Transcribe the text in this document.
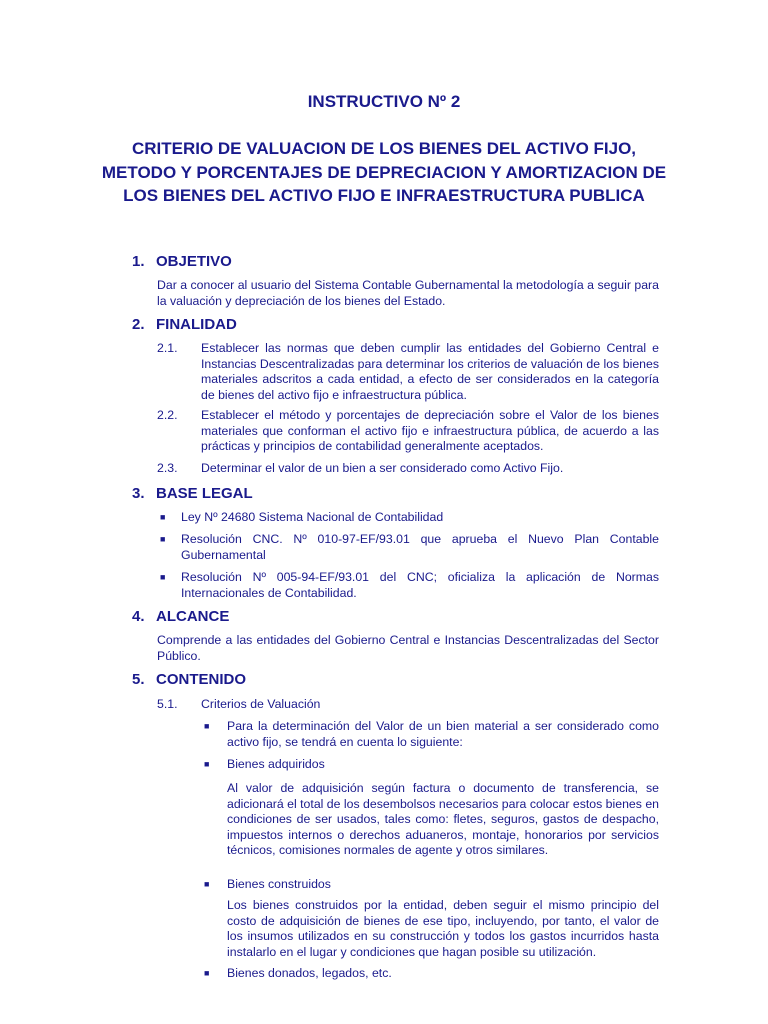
INSTRUCTIVO Nº 2
CRITERIO DE VALUACION DE LOS BIENES DEL ACTIVO FIJO, METODO Y PORCENTAJES DE DEPRECIACION Y AMORTIZACION DE LOS BIENES DEL ACTIVO FIJO E INFRAESTRUCTURA PUBLICA
1. OBJETIVO
Dar a conocer al usuario del Sistema Contable Gubernamental la metodología a seguir para la valuación y depreciación de los bienes del Estado.
2. FINALIDAD
2.1. Establecer las normas que deben cumplir las entidades del Gobierno Central e Instancias Descentralizadas para determinar los criterios de valuación de los bienes materiales adscritos a cada entidad, a efecto de ser considerados en la categoría de bienes del activo fijo e infraestructura pública.
2.2. Establecer el método y porcentajes de depreciación sobre el Valor de los bienes materiales que conforman el activo fijo e infraestructura pública, de acuerdo a las prácticas y principios de contabilidad generalmente aceptados.
2.3. Determinar el valor de un bien a ser considerado como Activo Fijo.
3. BASE LEGAL
■ Ley Nº 24680 Sistema Nacional de Contabilidad
■ Resolución CNC. Nº 010-97-EF/93.01 que aprueba el Nuevo Plan Contable Gubernamental
■ Resolución Nº 005-94-EF/93.01 del CNC; oficializa la aplicación de Normas Internacionales de Contabilidad.
4. ALCANCE
Comprende a las entidades del Gobierno Central e Instancias Descentralizadas del Sector Público.
5. CONTENIDO
5.1. Criterios de Valuación
■ Para la determinación del Valor de un bien material a ser considerado como activo fijo, se tendrá en cuenta lo siguiente:
■ Bienes adquiridos
Al valor de adquisición según factura o documento de transferencia, se adicionará el total de los desembolsos necesarios para colocar estos bienes en condiciones de ser usados, tales como: fletes, seguros, gastos de despacho, impuestos internos o derechos aduaneros, montaje, honorarios por servicios técnicos, comisiones normales de agente y otros similares.
■ Bienes construidos
Los bienes construidos por la entidad, deben seguir el mismo principio del costo de adquisición de bienes de ese tipo, incluyendo, por tanto, el valor de los insumos utilizados en su construcción y todos los gastos incurridos hasta instalarlo en el lugar y condiciones que hagan posible su utilización.
■ Bienes donados, legados, etc.
